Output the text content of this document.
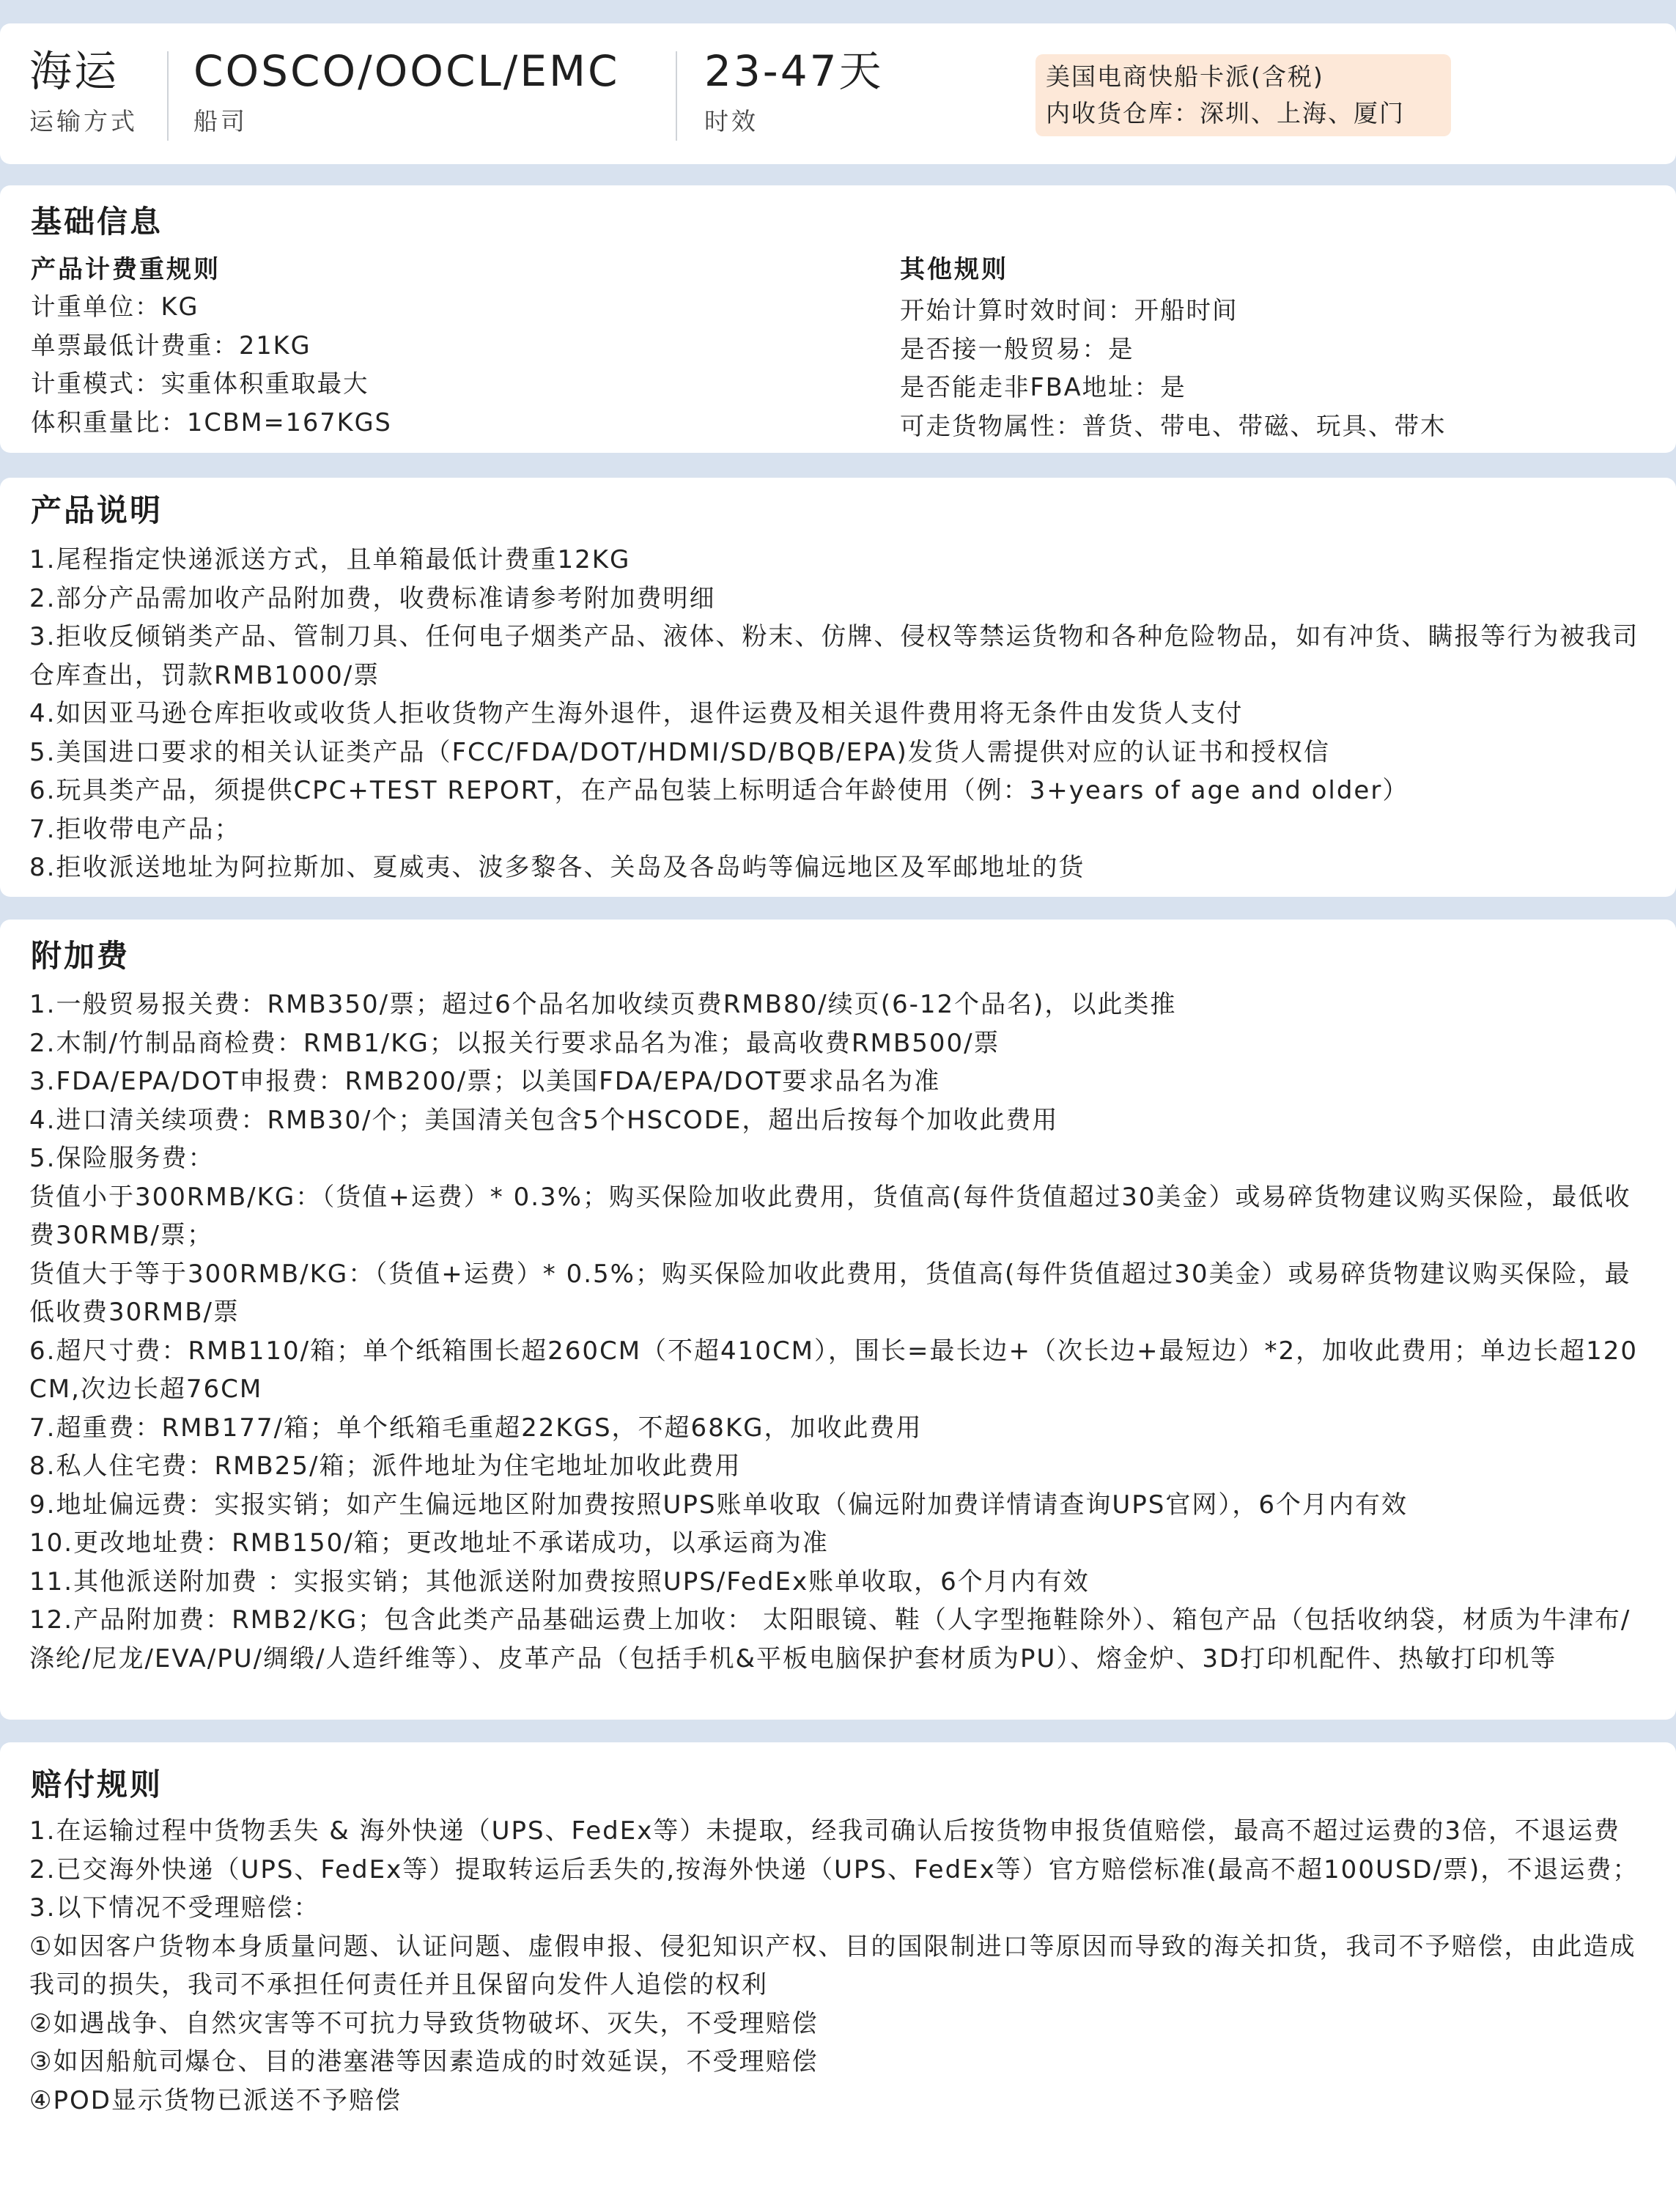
海运
运输方式
COSCO/OOCL/EMC
船司
23-47天
时效
美国电商快船卡派(含税)
内收货仓库：深圳、上海、厦门
基础信息
产品计费重规则
计重单位：KG
单票最低计费重：21KG
计重模式：实重体积重取最大
体积重量比：1CBM=167KGS
其他规则
开始计算时效时间：开船时间
是否接一般贸易：是
是否能走非FBA地址：是
可走货物属性：普货、带电、带磁、玩具、带木
产品说明
1.尾程指定快递派送方式，且单箱最低计费重12KG
2.部分产品需加收产品附加费，收费标准请参考附加费明细
3.拒收反倾销类产品、管制刀具、任何电子烟类产品、液体、粉末、仿牌、侵权等禁运货物和各种危险物品，如有冲货、瞒报等行为被我司仓库查出，罚款RMB1000/票
4.如因亚马逊仓库拒收或收货人拒收货物产生海外退件，退件运费及相关退件费用将无条件由发货人支付
5.美国进口要求的相关认证类产品（FCC/FDA/DOT/HDMI/SD/BQB/EPA)发货人需提供对应的认证书和授权信
6.玩具类产品，须提供CPC+TEST REPORT，在产品包装上标明适合年龄使用（例：3+years of age and older）
7.拒收带电产品；
8.拒收派送地址为阿拉斯加、夏威夷、波多黎各、关岛及各岛屿等偏远地区及军邮地址的货
附加费
1.一般贸易报关费：RMB350/票；超过6个品名加收续页费RMB80/续页(6-12个品名)，以此类推
2.木制/竹制品商检费：RMB1/KG；以报关行要求品名为准；最高收费RMB500/票
3.FDA/EPA/DOT申报费：RMB200/票；以美国FDA/EPA/DOT要求品名为准
4.进口清关续项费：RMB30/个；美国清关包含5个HSCODE，超出后按每个加收此费用
5.保险服务费：
货值小于300RMB/KG：（货值+运费）* 0.3%；购买保险加收此费用，货值高(每件货值超过30美金）或易碎货物建议购买保险，最低收费30RMB/票；
货值大于等于300RMB/KG：（货值+运费）* 0.5%；购买保险加收此费用，货值高(每件货值超过30美金）或易碎货物建议购买保险，最低收费30RMB/票
6.超尺寸费：RMB110/箱；单个纸箱围长超260CM（不超410CM），围长=最长边+（次长边+最短边）*2，加收此费用；单边长超120CM,次边长超76CM
7.超重费：RMB177/箱；单个纸箱毛重超22KGS，不超68KG，加收此费用
8.私人住宅费：RMB25/箱；派件地址为住宅地址加收此费用
9.地址偏远费：实报实销；如产生偏远地区附加费按照UPS账单收取（偏远附加费详情请查询UPS官网），6个月内有效
10.更改地址费：RMB150/箱；更改地址不承诺成功，以承运商为准
11.其他派送附加费 ：实报实销；其他派送附加费按照UPS/FedEx账单收取，6个月内有效
12.产品附加费：RMB2/KG；包含此类产品基础运费上加收： 太阳眼镜、鞋（人字型拖鞋除外）、箱包产品（包括收纳袋，材质为牛津布/涤纶/尼龙/EVA/PU/绸缎/人造纤维等）、皮革产品（包括手机&平板电脑保护套材质为PU）、熔金炉、3D打印机配件、热敏打印机等
赔付规则
1.在运输过程中货物丢失 & 海外快递（UPS、FedEx等）未提取，经我司确认后按货物申报货值赔偿，最高不超过运费的3倍，不退运费
2.已交海外快递（UPS、FedEx等）提取转运后丢失的,按海外快递（UPS、FedEx等）官方赔偿标准(最高不超100USD/票)，不退运费；
3.以下情况不受理赔偿：
①如因客户货物本身质量问题、认证问题、虚假申报、侵犯知识产权、目的国限制进口等原因而导致的海关扣货，我司不予赔偿，由此造成我司的损失，我司不承担任何责任并且保留向发件人追偿的权利
②如遇战争、自然灾害等不可抗力导致货物破坏、灭失，不受理赔偿
③如因船航司爆仓、目的港塞港等因素造成的时效延误，不受理赔偿
④POD显示货物已派送不予赔偿
